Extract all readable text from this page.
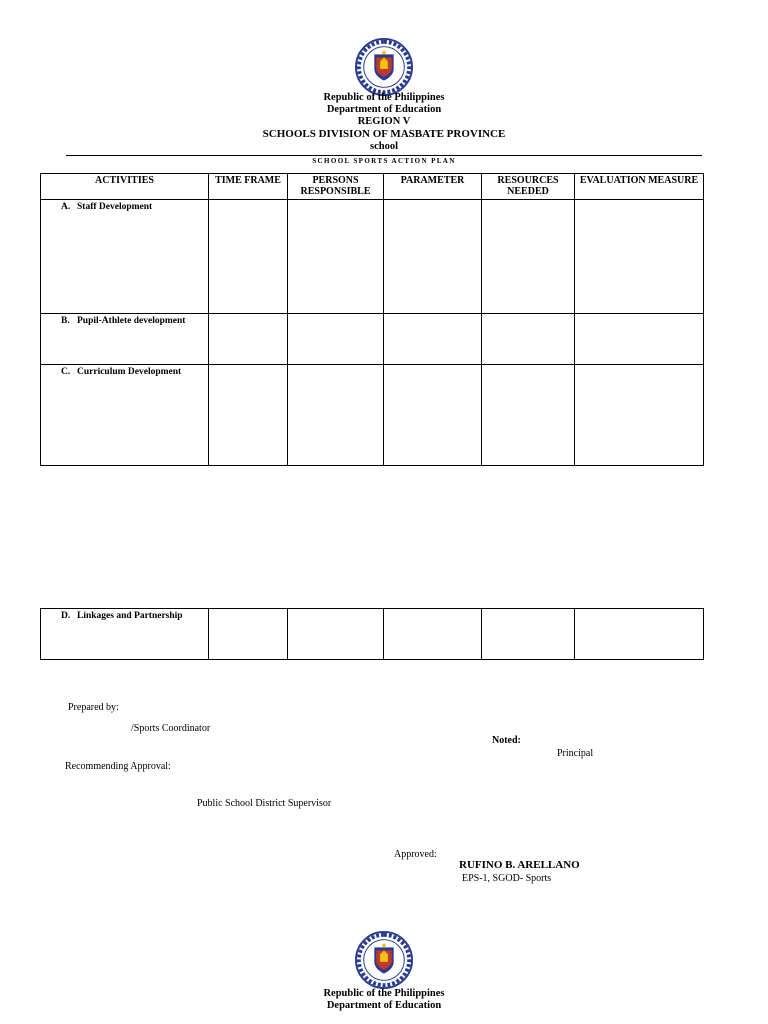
Republic of the Philippines
Department of Education
REGION V
SCHOOLS DIVISION OF MASBATE PROVINCE
school
SCHOOL SPORTS ACTION PLAN
ACTIVITIES	TIME FRAME	PERSONS RESPONSIBLE	PARAMETER	RESOURCES NEEDED	EVALUATION MEASURE
A. Staff Development					
B. Pupil-Athlete development					
C. Curriculum Development					
D. Linkages and Partnership					
Prepared by:
/Sports Coordinator
Noted:
Principal
Recommending Approval:
Public School District Supervisor
Approved:
RUFINO B. ARELLANO
EPS-1, SGOD- Sports
Republic of the Philippines
Department of Education
